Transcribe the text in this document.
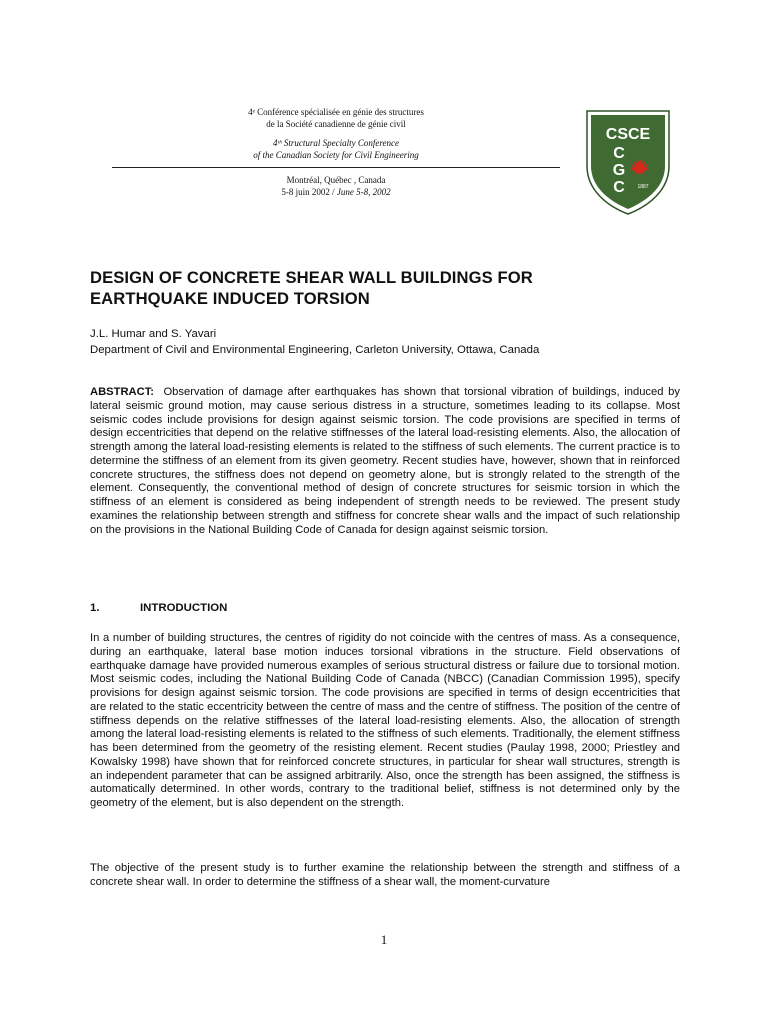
4ᵉ Conférence spécialisée en génie des structures
de la Société canadienne de génie civil
4ᵗʰ Structural Specialty Conference
of the Canadian Society for Civil Engineering
Montréal, Québec , Canada
5-8 juin 2002 / June 5-8, 2002
CSCE
C
G
C	1887
DESIGN OF CONCRETE SHEAR WALL BUILDINGS FOR
EARTHQUAKE INDUCED TORSION
J.L. Humar and S. Yavari
Department of Civil and Environmental Engineering, Carleton University, Ottawa, Canada
ABSTRACT: Observation of damage after earthquakes has shown that torsional vibration of buildings, induced by lateral seismic ground motion, may cause serious distress in a structure, sometimes leading to its collapse. Most seismic codes include provisions for design against seismic torsion. The code provisions are specified in terms of design eccentricities that depend on the relative stiffnesses of the lateral load-resisting elements. Also, the allocation of strength among the lateral load-resisting elements is related to the stiffness of such elements. The current practice is to determine the stiffness of an element from its given geometry. Recent studies have, however, shown that in reinforced concrete structures, the stiffness does not depend on geometry alone, but is strongly related to the strength of the element. Consequently, the conventional method of design of concrete structures for seismic torsion in which the stiffness of an element is considered as being independent of strength needs to be reviewed. The present study examines the relationship between strength and stiffness for concrete shear walls and the impact of such relationship on the provisions in the National Building Code of Canada for design against seismic torsion.
1.	INTRODUCTION
In a number of building structures, the centres of rigidity do not coincide with the centres of mass. As a consequence, during an earthquake, lateral base motion induces torsional vibrations in the structure. Field observations of earthquake damage have provided numerous examples of serious structural distress or failure due to torsional motion. Most seismic codes, including the National Building Code of Canada (NBCC) (Canadian Commission 1995), specify provisions for design against seismic torsion. The code provisions are specified in terms of design eccentricities that are related to the static eccentricity between the centre of mass and the centre of stiffness. The position of the centre of stiffness depends on the relative stiffnesses of the lateral load-resisting elements. Also, the allocation of strength among the lateral load-resisting elements is related to the stiffness of such elements. Traditionally, the element stiffness has been determined from the geometry of the resisting element. Recent studies (Paulay 1998, 2000; Priestley and Kowalsky 1998) have shown that for reinforced concrete structures, in particular for shear wall structures, strength is an independent parameter that can be assigned arbitrarily. Also, once the strength has been assigned, the stiffness is automatically determined. In other words, contrary to the traditional belief, stiffness is not determined only by the geometry of the element, but is also dependent on the strength.
The objective of the present study is to further examine the relationship between the strength and stiffness of a concrete shear wall. In order to determine the stiffness of a shear wall, the moment-curvature
1
